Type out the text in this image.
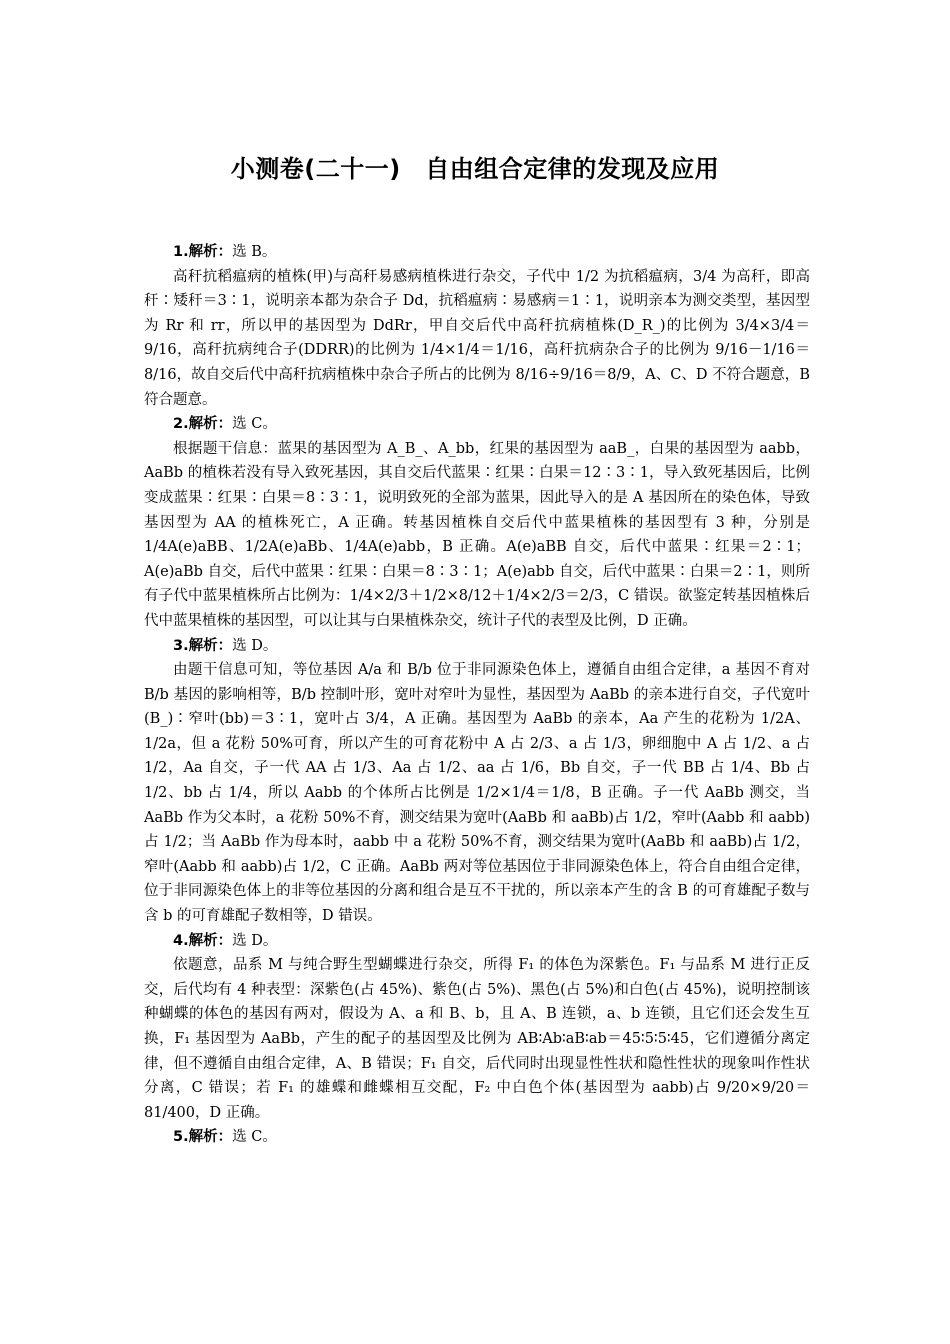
小测卷(二十一)　自由组合定律的发现及应用

1.解析：选 B。

高秆抗稻瘟病的植株(甲)与高秆易感病植株进行杂交，子代中 1/2 为抗稻瘟病，3/4 为高秆，即高秆∶矮秆＝3∶1，说明亲本都为杂合子 Dd，抗稻瘟病∶易感病＝1∶1，说明亲本为测交类型，基因型为 Rr 和 rr，所以甲的基因型为 DdRr，甲自交后代中高秆抗病植株(D_R_)的比例为 3/4×3/4＝9/16，高秆抗病纯合子(DDRR)的比例为 1/4×1/4＝1/16，高秆抗病杂合子的比例为 9/16－1/16＝8/16，故自交后代中高秆抗病植株中杂合子所占的比例为 8/16÷9/16＝8/9，A、C、D 不符合题意，B 符合题意。

2.解析：选 C。

根据题干信息：蓝果的基因型为 A_B_、A_bb，红果的基因型为 aaB_，白果的基因型为 aabb，AaBb 的植株若没有导入致死基因，其自交后代蓝果∶红果∶白果＝12∶3∶1，导入致死基因后，比例变成蓝果∶红果∶白果＝8∶3∶1，说明致死的全部为蓝果，因此导入的是 A 基因所在的染色体，导致基因型为 AA 的植株死亡，A 正确。转基因植株自交后代中蓝果植株的基因型有 3 种，分别是 1/4A(e)aBB、1/2A(e)aBb、1/4A(e)abb，B 正确。A(e)aBB 自交，后代中蓝果∶红果＝2∶1；A(e)aBb 自交，后代中蓝果∶红果∶白果＝8∶3∶1；A(e)abb 自交，后代中蓝果∶白果＝2∶1，则所有子代中蓝果植株所占比例为：1/4×2/3＋1/2×8/12＋1/4×2/3＝2/3，C 错误。欲鉴定转基因植株后代中蓝果植株的基因型，可以让其与白果植株杂交，统计子代的表型及比例，D 正确。

3.解析：选 D。

由题干信息可知，等位基因 A/a 和 B/b 位于非同源染色体上，遵循自由组合定律，a 基因不育对 B/b 基因的影响相等，B/b 控制叶形，宽叶对窄叶为显性，基因型为 AaBb 的亲本进行自交，子代宽叶(B_)∶窄叶(bb)＝3∶1，宽叶占 3/4，A 正确。基因型为 AaBb 的亲本，Aa 产生的花粉为 1/2A、1/2a，但 a 花粉 50%可育，所以产生的可育花粉中 A 占 2/3、a 占 1/3，卵细胞中 A 占 1/2、a 占 1/2，Aa 自交，子一代 AA 占 1/3、Aa 占 1/2、aa 占 1/6，Bb 自交，子一代 BB 占 1/4、Bb 占 1/2、bb 占 1/4，所以 Aabb 的个体所占比例是 1/2×1/4＝1/8，B 正确。子一代 AaBb 测交，当 AaBb 作为父本时，a 花粉 50%不育，测交结果为宽叶(AaBb 和 aaBb)占 1/2，窄叶(Aabb 和 aabb)占 1/2；当 AaBb 作为母本时，aabb 中 a 花粉 50%不育，测交结果为宽叶(AaBb 和 aaBb)占 1/2，窄叶(Aabb 和 aabb)占 1/2，C 正确。AaBb 两对等位基因位于非同源染色体上，符合自由组合定律，位于非同源染色体上的非等位基因的分离和组合是互不干扰的，所以亲本产生的含 B 的可育雄配子数与含 b 的可育雄配子数相等，D 错误。

4.解析：选 D。

依题意，品系 M 与纯合野生型蝴蝶进行杂交，所得 F₁ 的体色为深紫色。F₁ 与品系 M 进行正反交，后代均有 4 种表型：深紫色(占 45%)、紫色(占 5%)、黑色(占 5%)和白色(占 45%)，说明控制该种蝴蝶的体色的基因有两对，假设为 A、a 和 B、b，且 A、B 连锁，a、b 连锁，且它们还会发生互换，F₁ 基因型为 AaBb，产生的配子的基因型及比例为 AB∶Ab∶aB∶ab＝45∶5∶5∶45，它们遵循分离定律，但不遵循自由组合定律，A、B 错误；F₁ 自交，后代同时出现显性性状和隐性性状的现象叫作性状分离，C 错误；若 F₁ 的雄蝶和雌蝶相互交配，F₂ 中白色个体(基因型为 aabb)占 9/20×9/20＝81/400，D 正确。

5.解析：选 C。
